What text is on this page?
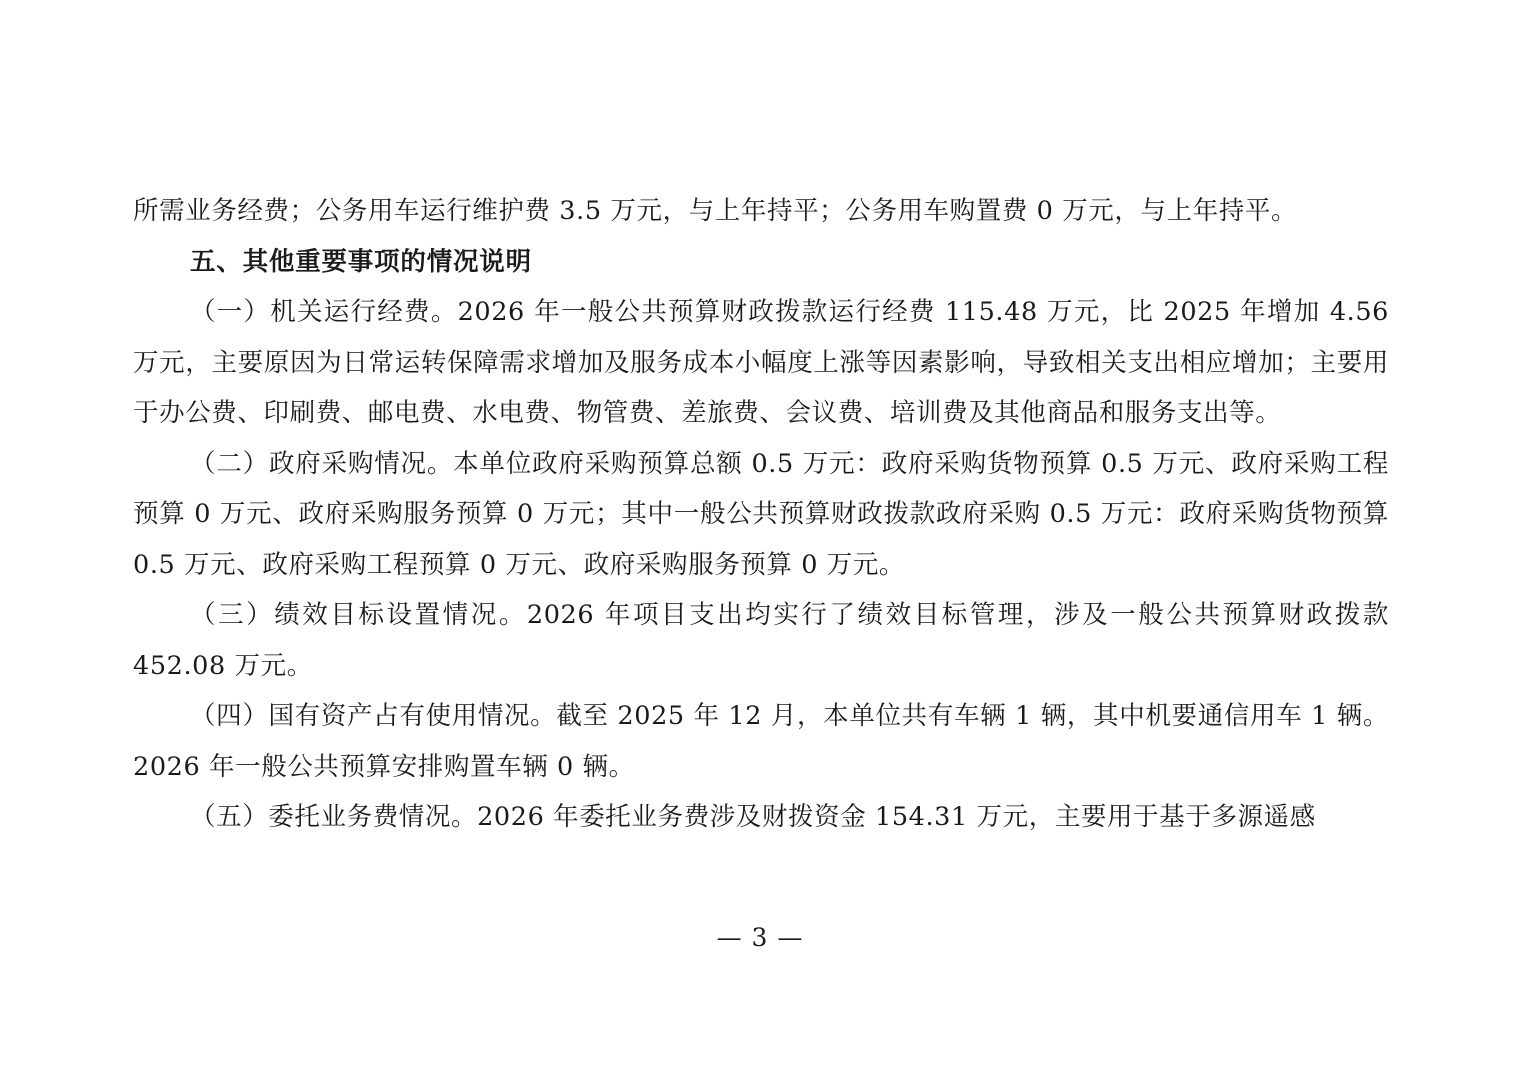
所需业务经费；公务用车运行维护费 3.5 万元，与上年持平；公务用车购置费 0 万元，与上年持平。

五、其他重要事项的情况说明

（一）机关运行经费。2026 年一般公共预算财政拨款运行经费 115.48 万元，比 2025 年增加 4.56 万元，主要原因为日常运转保障需求增加及服务成本小幅度上涨等因素影响，导致相关支出相应增加；主要用于办公费、印刷费、邮电费、水电费、物管费、差旅费、会议费、培训费及其他商品和服务支出等。

（二）政府采购情况。本单位政府采购预算总额 0.5 万元：政府采购货物预算 0.5 万元、政府采购工程预算 0 万元、政府采购服务预算 0 万元；其中一般公共预算财政拨款政府采购 0.5 万元：政府采购货物预算 0.5 万元、政府采购工程预算 0 万元、政府采购服务预算 0 万元。

（三）绩效目标设置情况。2026 年项目支出均实行了绩效目标管理，涉及一般公共预算财政拨款 452.08 万元。

（四）国有资产占有使用情况。截至 2025 年 12 月，本单位共有车辆 1 辆，其中机要通信用车 1 辆。2026 年一般公共预算安排购置车辆 0 辆。

（五）委托业务费情况。2026 年委托业务费涉及财拨资金 154.31 万元，主要用于基于多源遥感

— 3 —
